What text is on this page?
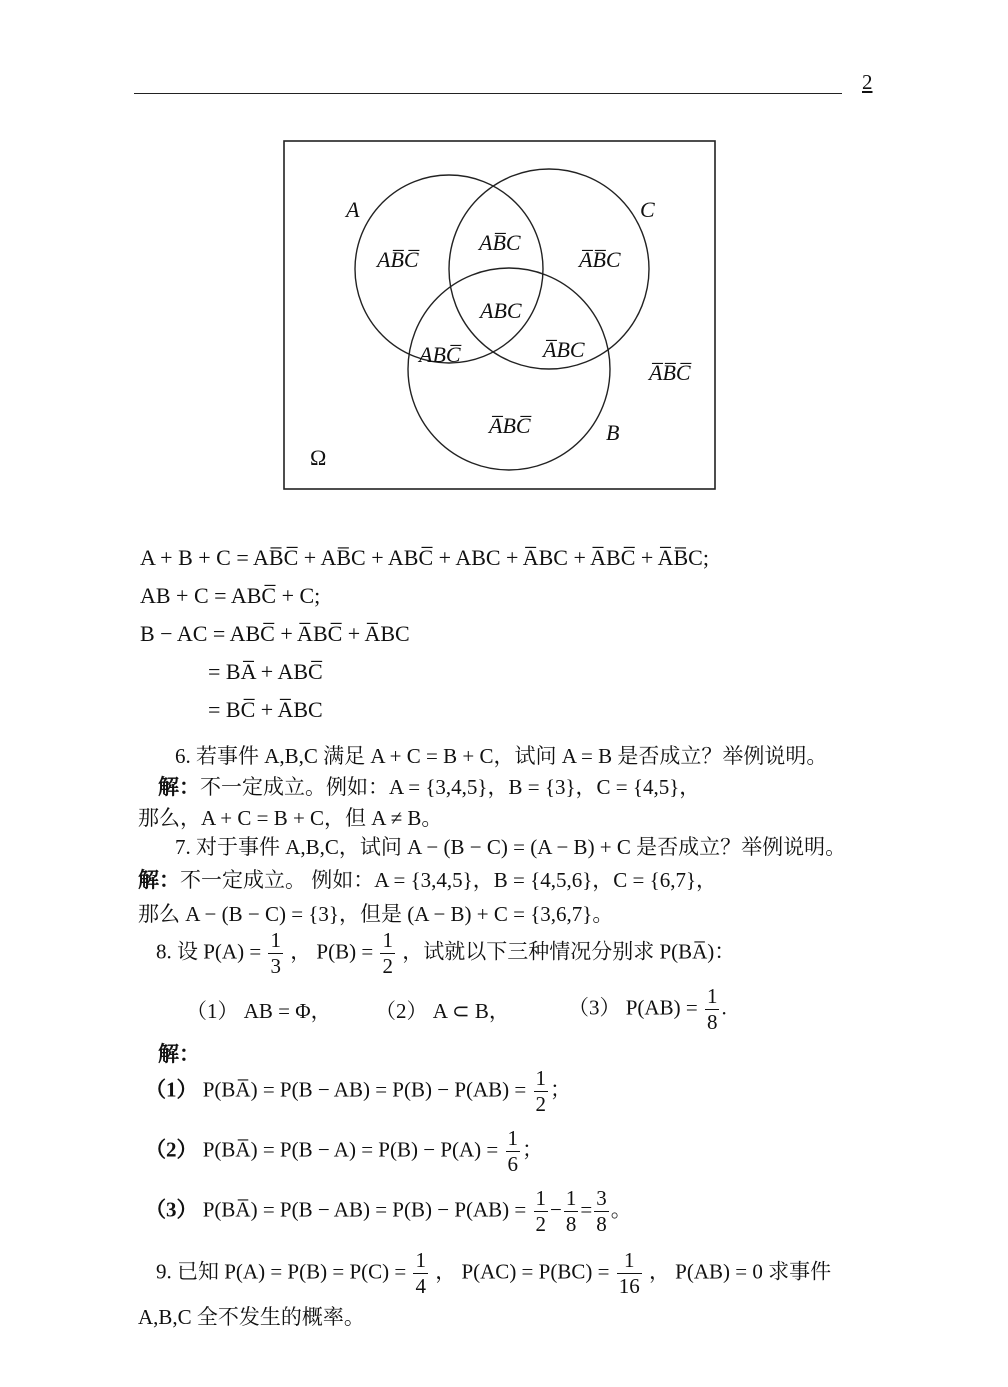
2
A	C
B
Ω
AB̅C̅
AB̅C
A̅B̅C
ABC
ABC̅	A̅BC
A̅BC̅
A̅B̅C̅
A + B + C = AB̅C̅ + AB̅C + ABC̅ + ABC + A̅BC + A̅BC̅ + A̅B̅C;
AB + C = ABC̅ + C;
B − AC = ABC̅ + A̅BC̅ + A̅BC
= BA̅ + ABC̅
= BC̅ + A̅BC
6. 若事件 A,B,C 满足 A + C = B + C，试问 A = B 是否成立？举例说明。
解：不一定成立。例如：A = {3,4,5}，B = {3}，C = {4,5}，
那么，A + C = B + C，但 A ≠ B。
7. 对于事件 A,B,C，试问 A − (B − C) = (A − B) + C 是否成立？举例说明。
解：不一定成立。 例如：A = {3,4,5}，B = {4,5,6}，C = {6,7}，
那么 A − (B − C) = {3}，但是 (A − B) + C = {3,6,7}。
8. 设 $P(A) = \frac{1}{3}$ ， $P(B) = \frac{1}{2}$ ，试就以下三种情况分别求 P(BA̅)：
（1） AB = Φ， （2） A ⊂ B，	（3） $P(AB) = \frac{1}{8}$ .
解：
（1） P(BA̅) = $P(B - AB) = P(B) - P(AB) = \frac{1}{2}$ ；
（2） P(BA̅) = $P(B - A) = P(B) - P(A) = \frac{1}{6}$ ；
（3） P(BA̅) = $P(B - AB) = P(B) - P(AB) = \frac{1}{2} - \frac{1}{8} = \frac{3}{8}$ 。
9. 已知 $P(A) = P(B) = P(C) = \frac{1}{4}$ ， $P(AC) = P(BC) = \frac{1}{16}$ ， P(AB) = 0 求事件
A,B,C 全不发生的概率。
